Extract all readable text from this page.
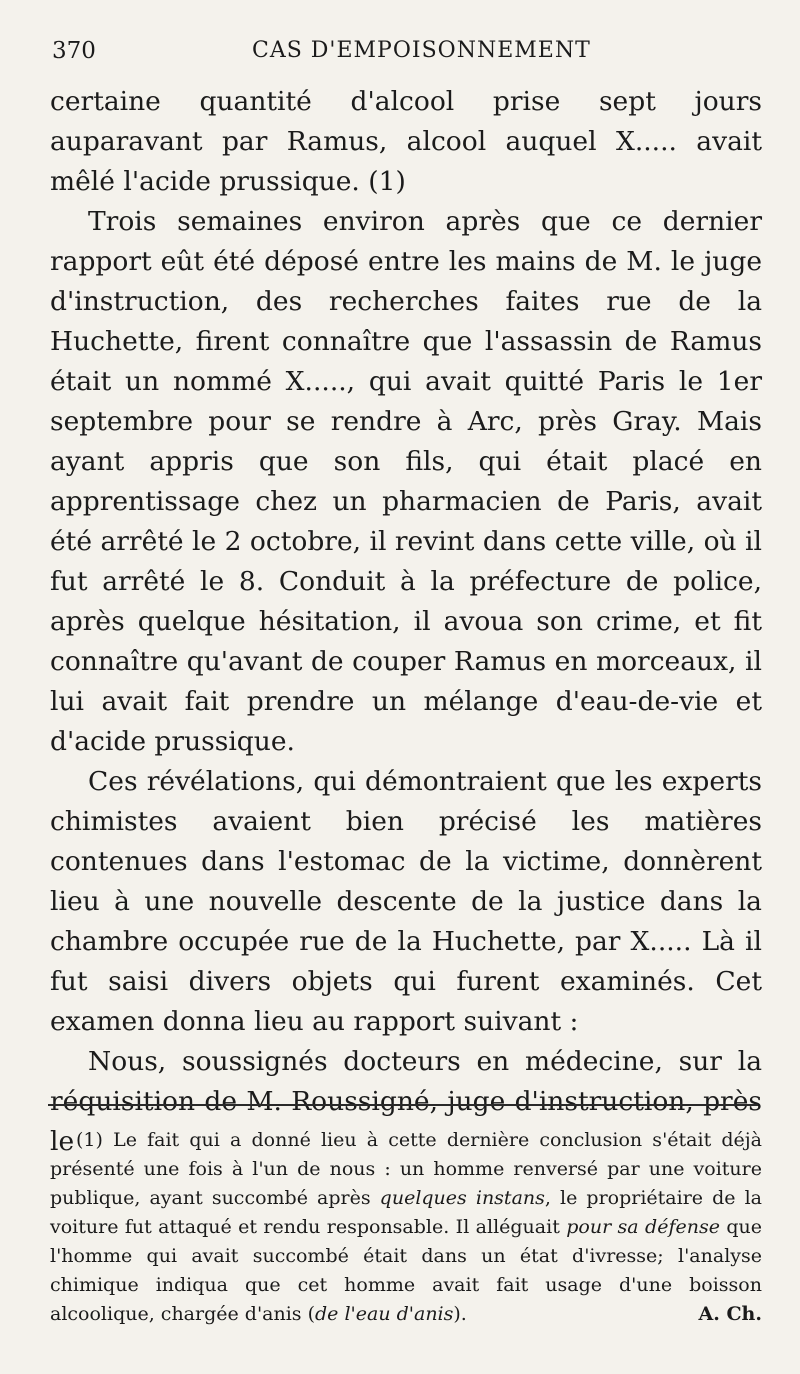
370	CAS D'EMPOISONNEMENT

certaine quantité d'alcool prise sept jours auparavant par Ramus, alcool auquel X..... avait mêlé l'acide prussique. (1)

Trois semaines environ après que ce dernier rapport eût été déposé entre les mains de M. le juge d'instruction, des recherches faites rue de la Huchette, firent connaître que l'assassin de Ramus était un nommé X....., qui avait quitté Paris le 1er septembre pour se rendre à Arc, près Gray. Mais ayant appris que son fils, qui était placé en apprentissage chez un pharmacien de Paris, avait été arrêté le 2 octobre, il revint dans cette ville, où il fut arrêté le 8. Conduit à la préfecture de police, après quelque hésitation, il avoua son crime, et fit connaître qu'avant de couper Ramus en morceaux, il lui avait fait prendre un mélange d'eau-de-vie et d'acide prussique.

Ces révélations, qui démontraient que les experts chimistes avaient bien précisé les matières contenues dans l'estomac de la victime, donnèrent lieu à une nouvelle descente de la justice dans la chambre occupée rue de la Huchette, par X..... Là il fut saisi divers objets qui furent examinés. Cet examen donna lieu au rapport suivant :

Nous, soussignés docteurs en médecine, sur la réquisition de M. Roussigné, juge d'instruction, près le (1) Le fait qui a donné lieu à cette dernière conclusion s'était déjà présenté une fois à l'un de nous : un homme renversé par une voiture publique, ayant succombé après quelques instans, le propriétaire de la voiture fut attaqué et rendu responsable. Il alléguait pour sa défense que l'homme qui avait succombé était dans un état d'ivresse; l'analyse chimique indiqua que cet homme avait fait usage d'une boisson alcoolique, chargée d'anis (de l'eau d'anis).	A. Ch.
